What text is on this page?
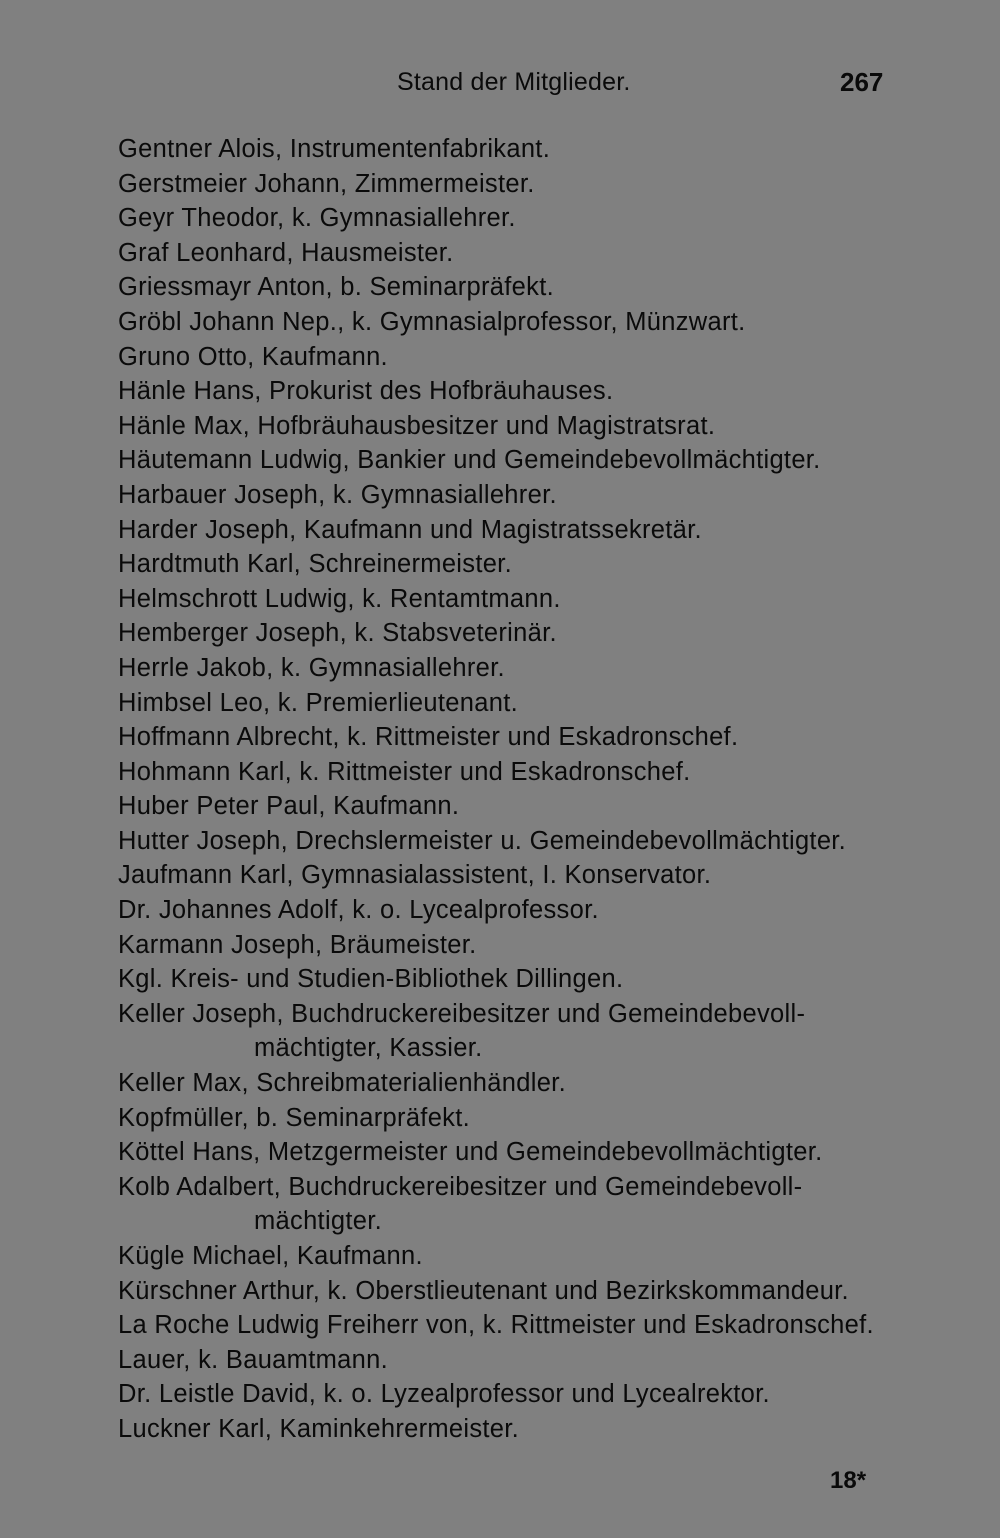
Stand der Mitglieder.	267
Gentner Alois, Instrumentenfabrikant.
Gerstmeier Johann, Zimmermeister.
Geyr Theodor, k. Gymnasiallehrer.
Graf Leonhard, Hausmeister.
Griessmayr Anton, b. Seminarpräfekt.
Gröbl Johann Nep., k. Gymnasialprofessor, Münzwart.
Gruno Otto, Kaufmann.
Hänle Hans, Prokurist des Hofbräuhauses.
Hänle Max, Hofbräuhausbesitzer und Magistratsrat.
Häutemann Ludwig, Bankier und Gemeindebevollmächtigter.
Harbauer Joseph, k. Gymnasiallehrer.
Harder Joseph, Kaufmann und Magistratssekretär.
Hardtmuth Karl, Schreinermeister.
Helmschrott Ludwig, k. Rentamtmann.
Hemberger Joseph, k. Stabsveterinär.
Herrle Jakob, k. Gymnasiallehrer.
Himbsel Leo, k. Premierlieutenant.
Hoffmann Albrecht, k. Rittmeister und Eskadronschef.
Hohmann Karl, k. Rittmeister und Eskadronschef.
Huber Peter Paul, Kaufmann.
Hutter Joseph, Drechslermeister u. Gemeindebevollmächtigter.
Jaufmann Karl, Gymnasialassistent, I. Konservator.
Dr. Johannes Adolf, k. o. Lycealprofessor.
Karmann Joseph, Bräumeister.
Kgl. Kreis- und Studien-Bibliothek Dillingen.
Keller Joseph, Buchdruckereibesitzer und Gemeindebevoll-
mächtigter, Kassier.
Keller Max, Schreibmaterialienhändler.
Kopfmüller, b. Seminarpräfekt.
Köttel Hans, Metzgermeister und Gemeindebevollmächtigter.
Kolb Adalbert, Buchdruckereibesitzer und Gemeindebevoll-
mächtigter.
Kügle Michael, Kaufmann.
Kürschner Arthur, k. Oberstlieutenant und Bezirkskommandeur.
La Roche Ludwig Freiherr von, k. Rittmeister und Eskadronschef.
Lauer, k. Bauamtmann.
Dr. Leistle David, k. o. Lyzealprofessor und Lycealrektor.
Luckner Karl, Kaminkehrermeister.
18*
